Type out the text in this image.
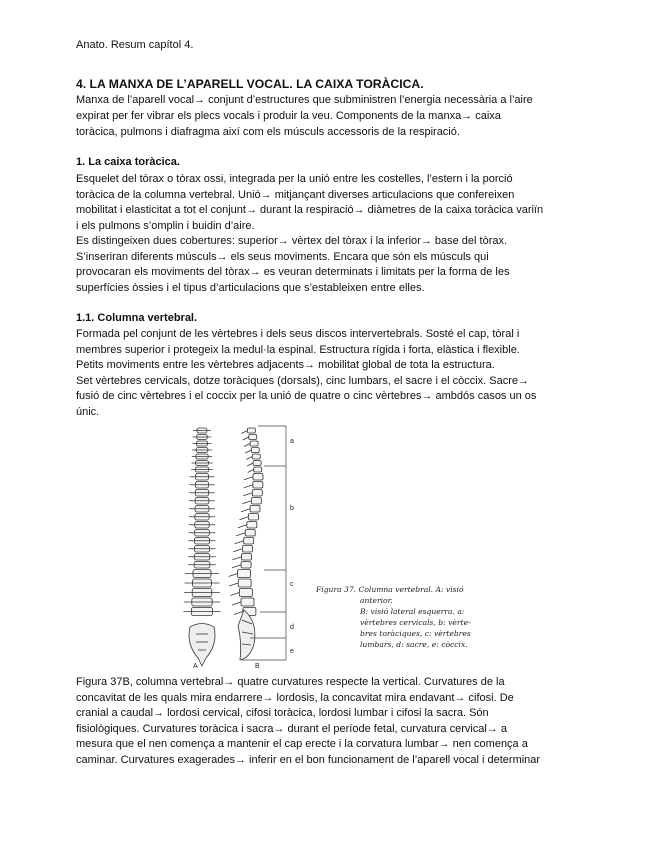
Anato. Resum capítol 4.
4. LA MANXA DE L’APARELL VOCAL. LA CAIXA TORÀCICA.
Manxa de l’aparell vocal→ conjunt d’estructures que subministren l’energia necessària a l’aire
expirat per fer vibrar els plecs vocals i produir la veu. Components de la manxa→ caixa
toràcica, pulmons i diafragma així com els músculs accessoris de la respiració.
1. La caixa toràcica.
Esquelet del tòrax o tòrax ossi, integrada per la unió entre les costelles, l’estern i la porció
toràcica de la columna vertebral. Unió→ mitjançant diverses articulacions que confereixen
mobilitat i elasticitat a tot el conjunt→ durant la respiració→ diàmetres de la caixa toràcica variïn
i els pulmons s’omplin i buidin d’aire.
Es distingeixen dues cobertures: superior→ vèrtex del tòrax i la inferior→ base del tòrax.
S’inseriran diferents músculs→ els seus moviments. Encara que són els músculs qui
provocaran els moviments del tòrax→ es veuran determinats i limitats per la forma de les
superfícies òssies i el tipus d’articulacions que s’estableixen entre elles.
1.1. Columna vertebral.
Formada pel conjunt de les vèrtebres i dels seus discos intervertebrals. Sosté el cap, tòral i
membres superior i protegeix la medul·la espinal. Estructura rígida i forta, elàstica i flexible.
Petits moviments entre les vèrtebres adjacents→ mobilitat global de tota la estructura.
Set vèrtebres cervicals, dotze toràciques (dorsals), cinc lumbars, el sacre i el còccix. Sacre→
fusió de cinc vèrtebres i el coccix per la unió de quatre o cinc vèrtebres→ ambdós casos un os
únic.
a
b
c
d
e
A	B
Figura 37. Columna vertebral. A: visió
anterior.
B: visió lateral esquerra. a:
vèrtebres cervicals, b: vèrte-
bres toràciques, c: vèrtebres
lumbars, d: sacre, e: còccix.
Figura 37B, columna vertebral→ quatre curvatures respecte la vertical. Curvatures de la
concavitat de les quals mira endarrere→ lordosis, la concavitat mira endavant→ cifosi. De
cranial a caudal→ lordosi cervical, cifosi toràcica, lordosi lumbar i cifosi la sacra. Són
fisiològiques. Curvatures toràcica i sacra→ durant el període fetal, curvatura cervical→ a
mesura que el nen comença a mantenir el cap erecte i la corvatura lumbar→ nen comença a
caminar. Curvatures exagerades→ inferir en el bon funcionament de l’aparell vocal i determinar
